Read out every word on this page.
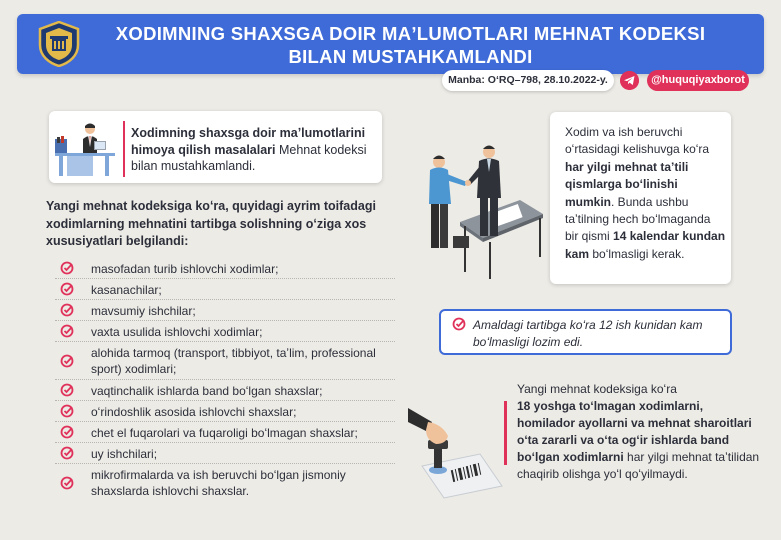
XODIMNING SHAXSGA DOIR MAʼLUMOTLARI MEHNAT KODEKSI
BILAN MUSTAHKAMLANDI
Manba: OʻRQ–798, 28.10.2022-y.	@huquqiyaxborot
Xodimning shaxsga doir maʼlumotlarini himoya qilish masalalari Mehnat kodeksi bilan mustahkamlandi.
Yangi mehnat kodeksiga koʻra, quyidagi ayrim toifadagi xodimlarning mehnatini tartibga solishning oʻziga xos xususiyatlari belgilandi:
masofadan turib ishlovchi xodimlar;
kasanachilar;
mavsumiy ishchilar;
vaxta usulida ishlovchi xodimlar;
alohida tarmoq (transport, tibbiyot, taʼlim, professional sport) xodimlari;
vaqtinchalik ishlarda band boʻlgan shaxslar;
oʻrindoshlik asosida ishlovchi shaxslar;
chet el fuqarolari va fuqaroligi boʻlmagan shaxslar;
uy ishchilari;
mikrofirmalarda va ish beruvchi boʻlgan jismoniy shaxslarda ishlovchi shaxslar.
Xodim va ish beruvchi oʻrtasidagi kelishuvga koʻra har yilgi mehnat taʼtili qismlarga boʻlinishi mumkin. Bunda ushbu taʼtilning hech boʻlmaganda bir qismi 14 kalendar kundan kam boʻlmasligi kerak.
Amaldagi tartibga koʻra 12 ish kunidan kam boʻlmasligi lozim edi.
Yangi mehnat kodeksiga koʻra
18 yoshga toʻlmagan xodimlarni, homilador ayollarni va mehnat sharoitlari oʻta zararli va oʻta ogʻir ishlarda band boʻlgan xodimlarni har yilgi mehnat taʼtilidan chaqirib olishga yoʻl qoʻyilmaydi.
